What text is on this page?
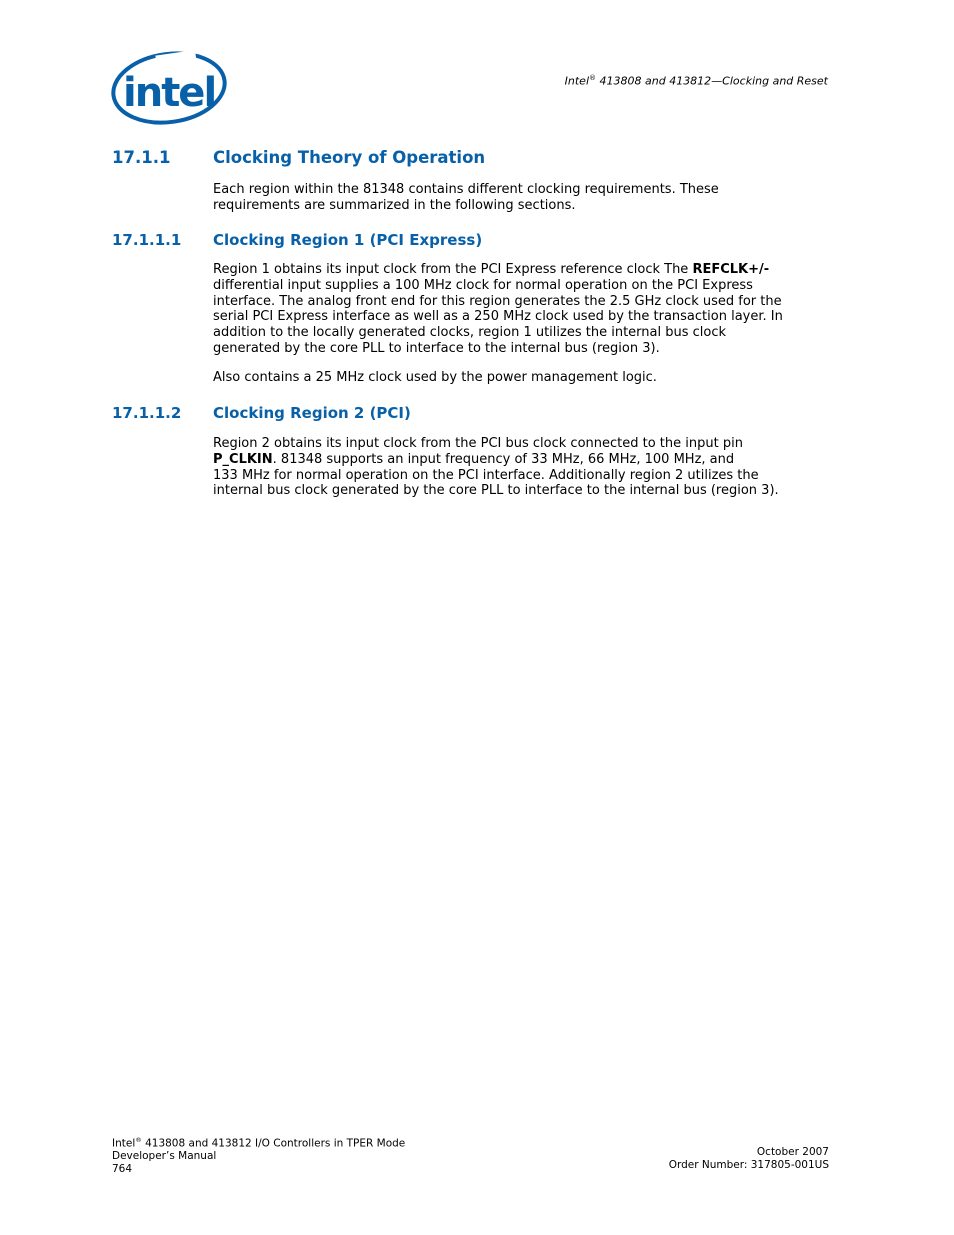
intel	Intel® 413808 and 413812—Clocking and Reset
17.1.1	Clocking Theory of Operation

Each region within the 81348 contains different clocking requirements. These
requirements are summarized in the following sections.

17.1.1.1 Clocking Region 1 (PCI Express)

Region 1 obtains its input clock from the PCI Express reference clock The REFCLK+/-
differential input supplies a 100 MHz clock for normal operation on the PCI Express
interface. The analog front end for this region generates the 2.5 GHz clock used for the
serial PCI Express interface as well as a 250 MHz clock used by the transaction layer. In
addition to the locally generated clocks, region 1 utilizes the internal bus clock
generated by the core PLL to interface to the internal bus (region 3).

Also contains a 25 MHz clock used by the power management logic.

17.1.1.2 Clocking Region 2 (PCI)

Region 2 obtains its input clock from the PCI bus clock connected to the input pin
P_CLKIN. 81348 supports an input frequency of 33 MHz, 66 MHz, 100 MHz, and
133 MHz for normal operation on the PCI interface. Additionally region 2 utilizes the
internal bus clock generated by the core PLL to interface to the internal bus (region 3).

Intel® 413808 and 413812 I/O Controllers in TPER Mode
Developer’s Manual
764
October 2007
Order Number: 317805-001US
